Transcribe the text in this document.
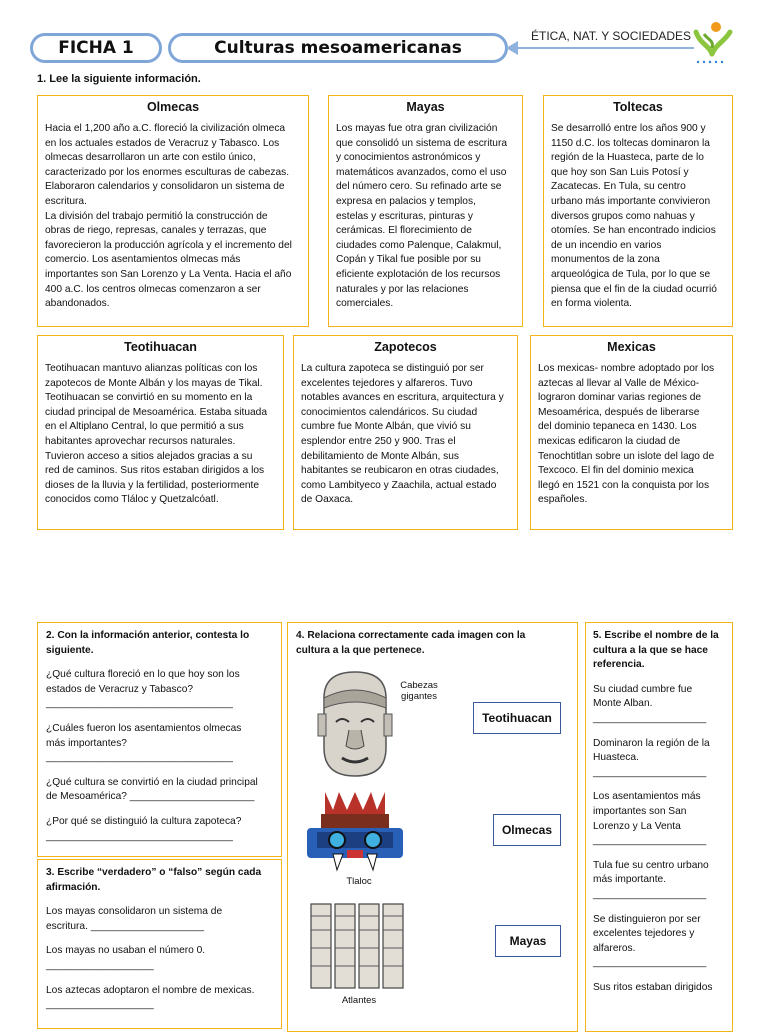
FICHA 1	Culturas mesoamericanas
ÉTICA, NAT. Y SOCIEDADES
1. Lee la siguiente información.
Olmecas

Hacia el 1,200 año a.C. floreció la civilización olmeca
en los actuales estados de Veracruz y Tabasco. Los
olmecas desarrollaron un arte con estilo único,
caracterizado por los enormes esculturas de cabezas.
Elaboraron calendarios y consolidaron un sistema de
escritura.
La división del trabajo permitió la construcción de
obras de riego, represas, canales y terrazas, que
favorecieron la producción agrícola y el incremento del
comercio. Los asentamientos olmecas más
importantes son San Lorenzo y La Venta. Hacia el año
400 a.C. los centros olmecas comenzaron a ser
abandonados.

Mayas

Los mayas fue otra gran civilización
que consolidó un sistema de escritura
y conocimientos astronómicos y
matemáticos avanzados, como el uso
del número cero. Su refinado arte se
expresa en palacios y templos,
estelas y escrituras, pinturas y
cerámicas. El florecimiento de
ciudades como Palenque, Calakmul,
Copán y Tikal fue posible por su
eficiente explotación de los recursos
naturales y por las relaciones
comerciales.

Toltecas

Se desarrolló entre los años 900 y
1150 d.C. los toltecas dominaron la
región de la Huasteca, parte de lo
que hoy son San Luis Potosí y
Zacatecas. En Tula, su centro
urbano más importante convivieron
diversos grupos como nahuas y
otomíes. Se han encontrado indicios
de un incendio en varios
monumentos de la zona
arqueológica de Tula, por lo que se
piensa que el fin de la ciudad ocurrió
en forma violenta.

Teotihuacan

Teotihuacan mantuvo alianzas políticas con los
zapotecos de Monte Albán y los mayas de Tikal.
Teotihuacan se convirtió en su momento en la
ciudad principal de Mesoamérica. Estaba situada
en el Altiplano Central, lo que permitió a sus
habitantes aprovechar recursos naturales.
Tuvieron acceso a sitios alejados gracias a su
red de caminos. Sus ritos estaban dirigidos a los
dioses de la lluvia y la fertilidad, posteriormente
conocidos como Tláloc y Quetzalcóatl.

Zapotecos

La cultura zapoteca se distinguió por ser
excelentes tejedores y alfareros. Tuvo
notables avances en escritura, arquitectura y
conocimientos calendáricos. Su ciudad
cumbre fue Monte Albán, que vivió su
esplendor entre 250 y 900. Tras el
debilitamiento de Monte Albán, sus
habitantes se reubicaron en otras ciudades,
como Lambityeco y Zaachila, actual estado
de Oaxaca.

Mexicas

Los mexicas- nombre adoptado por los
aztecas al llevar al Valle de México-
lograron dominar varias regiones de
Mesoamérica, después de liberarse
del dominio tepaneca en 1430. Los
mexicas edificaron la ciudad de
Tenochtitlan sobre un islote del lago de
Texcoco. El fin del dominio mexica
llegó en 1521 con la conquista por los
españoles.

2. Con la información anterior, contesta lo
siguiente.
¿Qué cultura floreció en lo que hoy son los
estados de Veracruz y Tabasco?
_________________________________
¿Cuáles fueron los asentamientos olmecas
más importantes?
_________________________________
¿Qué cultura se convirtió en la ciudad principal
de Mesoamérica? ______________________
¿Por qué se distinguió la cultura zapoteca?
_________________________________
3. Escribe “verdadero” o “falso” según cada
afirmación.
Los mayas consolidaron un sistema de
escritura. ____________________
Los mayas no usaban el número 0.
___________________
Los aztecas adoptaron el nombre de mexicas.
___________________
4. Relaciona correctamente cada imagen con la
cultura a la que pertenece.
Cabezas
gigantes
Tlaloc
Atlantes
Teotihuacan
Olmecas
Mayas
5. Escribe el nombre de la
cultura a la que se hace
referencia.
Su ciudad cumbre fue
Monte Alban.
____________________
Dominaron la región de la
Huasteca.
____________________
Los asentamientos más
importantes son San
Lorenzo y La Venta
____________________
Tula fue su centro urbano
más importante.
____________________
Se distinguieron por ser
excelentes tejedores y
alfareros.
____________________
Sus ritos estaban dirigidos
